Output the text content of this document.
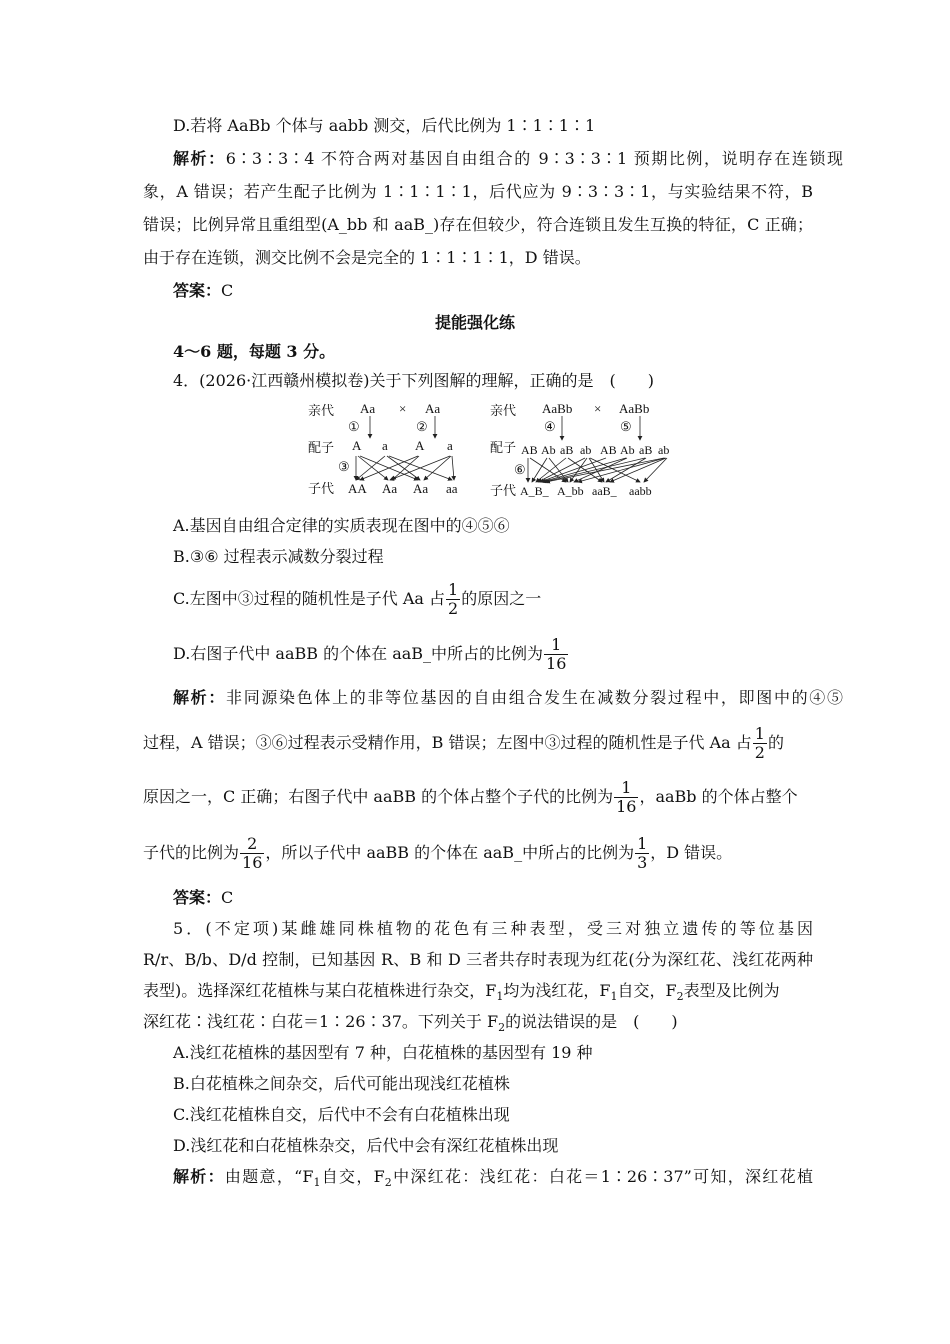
D.若将 AaBb 个体与 aabb 测交，后代比例为 1∶1∶1∶1
解析：6∶3∶3∶4 不符合两对基因自由组合的 9∶3∶3∶1 预期比例，说明存在连锁现
象，A 错误；若产生配子比例为 1∶1∶1∶1，后代应为 9∶3∶3∶1，与实验结果不符，B
错误；比例异常且重组型(A_bb 和 aaB_)存在但较少，符合连锁且发生互换的特征，C 正确；
由于存在连锁，测交比例不会是完全的 1∶1∶1∶1，D 错误。
答案：C
提能强化练
4～6 题，每题 3 分。
4．(2026·江西赣州模拟卷)关于下列图解的理解，正确的是　(　　)
亲代 Aa × Aa
①	②
配子 A a A a
③
子代 AA Aa Aa aa
亲代 AaBb × AaBb
④	⑤
配子 AB Ab aB ab AB Ab aB ab
⑥
子代 A_B_ A_bb aaB_ aabb
A.基因自由组合定律的实质表现在图中的④⑤⑥
B.③⑥ 过程表示减数分裂过程
C.左图中③过程的随机性是子代 Aa 占 $\frac{1}{2}$ 的原因之一
D.右图子代中 aaBB 的个体在 aaB_中所占的比例为 $\frac{1}{16}$
解析：非同源染色体上的非等位基因的自由组合发生在减数分裂过程中，即图中的④⑤
过程，A 错误；③⑥过程表示受精作用，B 错误；左图中③过程的随机性是子代 Aa 占 $\frac{1}{2}$ 的
原因之一，C 正确；右图子代中 aaBB 的个体占整个子代的比例为 $\frac{1}{16}$ ，aaBb 的个体占整个
子代的比例为 $\frac{2}{16}$ ，所以子代中 aaBB 的个体在 aaB_中所占的比例为 $\frac{1}{3}$ ，D 错误。
答案：C
5．(不定项)某雌雄同株植物的花色有三种表型，受三对独立遗传的等位基因
R/r、B/b、D/d 控制，已知基因 R、B 和 D 三者共存时表现为红花(分为深红花、浅红花两种
表型)。选择深红花植株与某白花植株进行杂交，$F_1$均为浅红花，$F_1$自交，$F_2$表型及比例为
深红花∶浅红花∶白花＝1∶26∶37。下列关于 $F_2$的说法错误的是　(　　)
A.浅红花植株的基因型有 7 种，白花植株的基因型有 19 种
B.白花植株之间杂交，后代可能出现浅红花植株
C.浅红花植株自交，后代中不会有白花植株出现
D.浅红花和白花植株杂交，后代中会有深红花植株出现
解析：由题意，“$F_1$自交，$F_2$中深红花：浅红花：白花＝1∶26∶37”可知，深红花植
